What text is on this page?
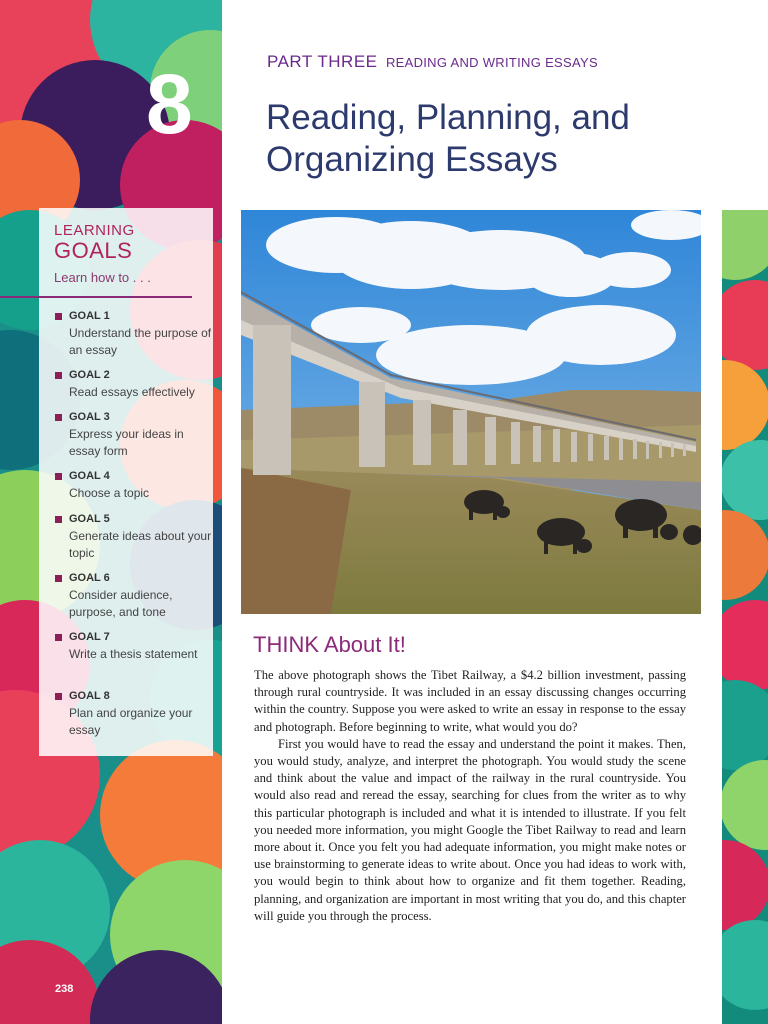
8	PART THREE READING AND WRITING ESSAYS
Reading, Planning, and Organizing Essays
LEARNING
GOALS
Learn how to . . .
GOAL 1
Understand the purpose of an essay
GOAL 2
Read essays effectively
GOAL 3
Express your ideas in essay form
GOAL 4
Choose a topic
GOAL 5
Generate ideas about your topic
GOAL 6
Consider audience, purpose, and tone
GOAL 7
Write a thesis statement
GOAL 8
Plan and organize your essay
THINK About It!

The above photograph shows the Tibet Railway, a $4.2 billion investment, passing through rural countryside. It was included in an essay discussing changes occurring within the country. Suppose you were asked to write an essay in response to the essay and photograph. Before beginning to write, what would you do?

First you would have to read the essay and understand the point it makes. Then, you would study, analyze, and interpret the photograph. You would study the scene and think about the value and impact of the railway in the rural countryside. You would also read and reread the essay, searching for clues from the writer as to why this particular photograph is included and what it is intended to illustrate. If you felt you needed more information, you might Google the Tibet Railway to read and learn more about it. Once you felt you had adequate information, you might make notes or use brainstorming to generate ideas to write about. Once you had ideas to work with, you would begin to think about how to organize and fit them together. Reading, planning, and organization are important in most writing that you do, and this chapter will guide you through the process.

238
